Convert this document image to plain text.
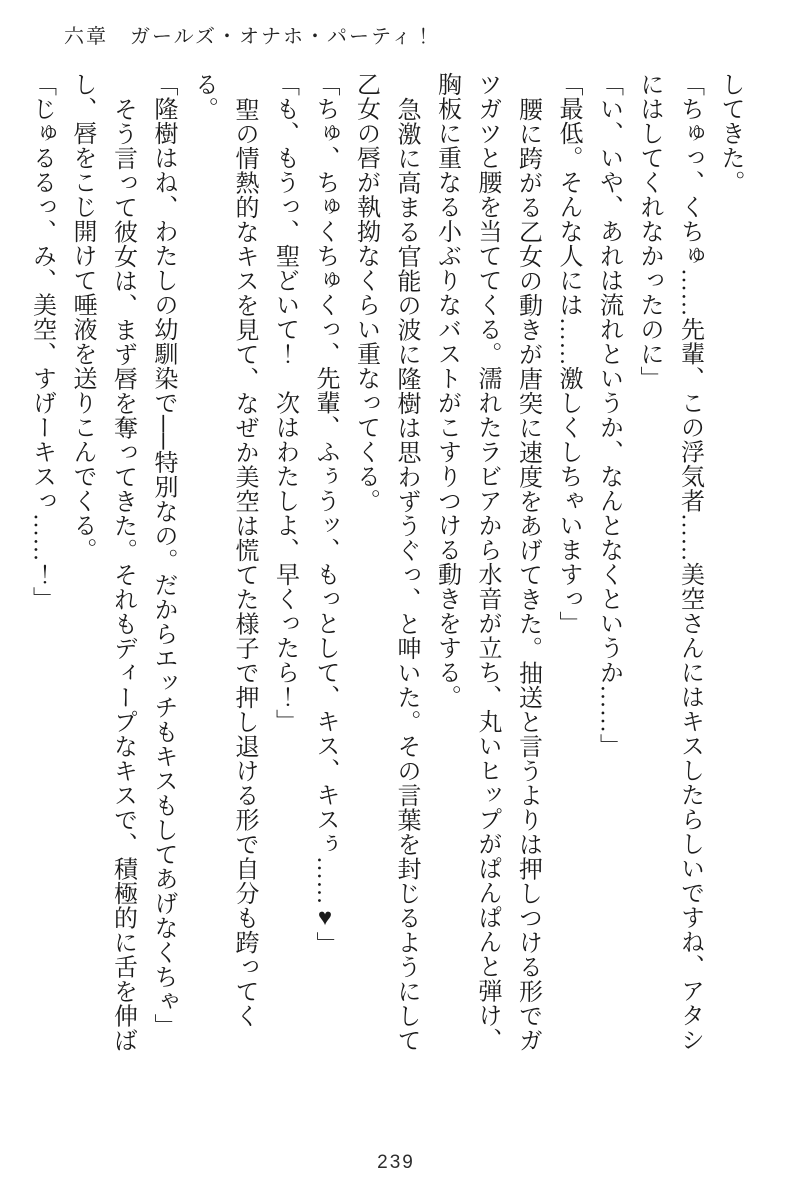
六章　ガールズ・オナホ・パーティ！

してきた。

「ちゅっ、くちゅ……先輩、この浮気者……美空さんにはキスしたらしいですね、アタシにはしてくれなかったのに」

「い、いや、あれは流れというか、なんとなくというか……」

「最低。そんな人には……激しくしちゃいますっ」

腰に跨がる乙女の動きが唐突に速度をあげてきた。抽送と言うよりは押しつける形でガツガツと腰を当ててくる。濡れたラビアから水音が立ち、丸いヒップがぱんぱんと弾け、胸板に重なる小ぶりなバストがこすりつける動きをする。

急激に高まる官能の波に隆樹は思わずうぐっ、と呻いた。その言葉を封じるようにして乙女の唇が執拗なくらい重なってくる。

「ちゅ、ちゅくちゅくっ、先輩、ふぅうッ、もっとして、キス、キスぅ……♥」

「も、もうっ、聖どいて！　次はわたしよ、早くったら！」

聖の情熱的なキスを見て、なぜか美空は慌てた様子で押し退ける形で自分も跨ってくる。

「隆樹はね、わたしの幼馴染で──特別なの。だからエッチもキスもしてあげなくちゃ」

そう言って彼女は、まず唇を奪ってきた。それもディープなキスで、積極的に舌を伸ばし、唇をこじ開けて唾液を送りこんでくる。

「じゅるるっ、み、美空、すげーキスっ……！」

239
